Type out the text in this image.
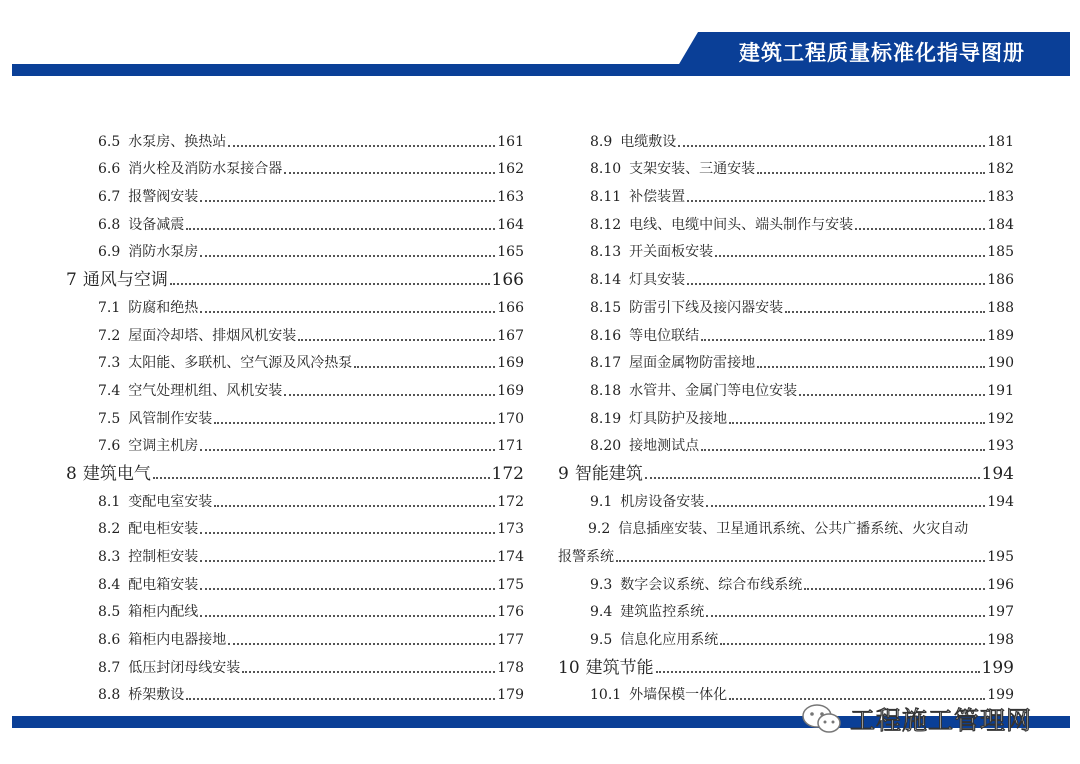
建筑工程质量标准化指导图册
6.5 水泵房、换热站	161
6.6 消火栓及消防水泵接合器	162
6.7 报警阀安装	163
6.8 设备减震	164
6.9 消防水泵房	165
7 通风与空调	166
7.1 防腐和绝热	166
7.2 屋面冷却塔、排烟风机安装	167
7.3 太阳能、多联机、空气源及风冷热泵	169
7.4 空气处理机组、风机安装	169
7.5 风管制作安装	170
7.6 空调主机房	171
8 建筑电气	172
8.1 变配电室安装	172
8.2 配电柜安装	173
8.3 控制柜安装	174
8.4 配电箱安装	175
8.5 箱柜内配线	176
8.6 箱柜内电器接地	177
8.7 低压封闭母线安装	178
8.8 桥架敷设	179
8.9 电缆敷设	181
8.10 支架安装、三通安装	182
8.11 补偿装置	183
8.12 电线、电缆中间头、端头制作与安装	184
8.13 开关面板安装	185
8.14 灯具安装	186
8.15 防雷引下线及接闪器安装	188
8.16 等电位联结	189
8.17 屋面金属物防雷接地	190
8.18 水管井、金属门等电位安装	191
8.19 灯具防护及接地	192
8.20 接地测试点	193
9 智能建筑	194
9.1 机房设备安装	194
9.2 信息插座安装、卫星通讯系统、公共广播系统、火灾自动
报警系统	195
9.3 数字会议系统、综合布线系统	196
9.4 建筑监控系统	197
9.5 信息化应用系统	198
10 建筑节能	199
10.1 外墙保模一体化	199
工程施工管理网
